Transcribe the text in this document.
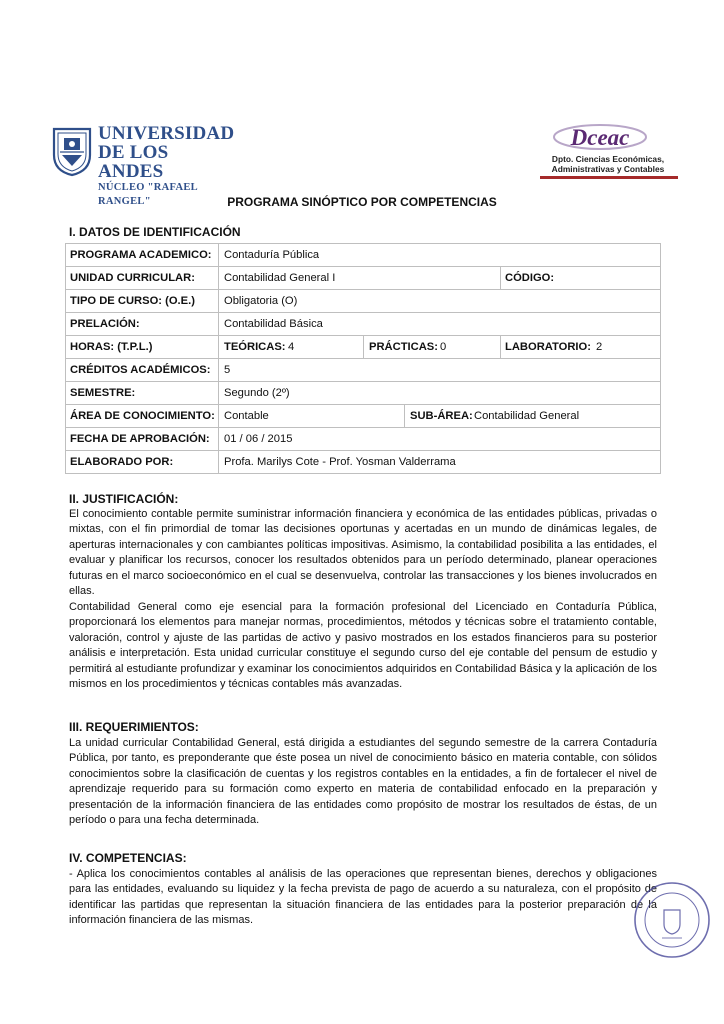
UNIVERSIDAD
DE LOS ANDES
NÚCLEO "RAFAEL RANGEL"
Dceac
Dpto. Ciencias Económicas,
Administrativas y Contables
PROGRAMA SINÓPTICO POR COMPETENCIAS
I. DATOS DE IDENTIFICACIÓN
PROGRAMA ACADEMICO: Contaduría Pública
UNIDAD CURRICULAR:	Contabilidad General I	CÓDIGO:
TIPO DE CURSO: (O.E.)	Obligatoria (O)
PRELACIÓN:	Contabilidad Básica
HORAS: (T.P.L.)	TEÓRICAS: 4	PRÁCTICAS: 0	LABORATORIO: 2
CRÉDITOS ACADÉMICOS: 5
SEMESTRE:	Segundo (2º)
ÁREA DE CONOCIMIENTO: Contable	SUB-ÁREA: Contabilidad General
FECHA DE APROBACIÓN: 01 / 06 / 2015
ELABORADO POR:	Profa. Marilys Cote - Prof. Yosman Valderrama
II. JUSTIFICACIÓN:
El conocimiento contable permite suministrar información financiera y económica de las entidades públicas, privadas o mixtas, con el fin primordial de tomar las decisiones oportunas y acertadas en un mundo de dinámicas legales, de aperturas internacionales y con cambiantes políticas impositivas. Asimismo, la contabilidad posibilita a las entidades, el evaluar y planificar los recursos, conocer los resultados obtenidos para un período determinado, planear operaciones futuras en el marco socioeconómico en el cual se desenvuelva, controlar las transacciones y los bienes involucrados en ellas.
Contabilidad General como eje esencial para la formación profesional del Licenciado en Contaduría Pública, proporcionará los elementos para manejar normas, procedimientos, métodos y técnicas sobre el tratamiento contable, valoración, control y ajuste de las partidas de activo y pasivo mostrados en los estados financieros para su posterior análisis e interpretación. Esta unidad curricular constituye el segundo curso del eje contable del pensum de estudio y permitirá al estudiante profundizar y examinar los conocimientos adquiridos en Contabilidad Básica y la aplicación de los mismos en los procedimientos y técnicas contables más avanzadas.
III. REQUERIMIENTOS:
La unidad curricular Contabilidad General, está dirigida a estudiantes del segundo semestre de la carrera Contaduría Pública, por tanto, es preponderante que éste posea un nivel de conocimiento básico en materia contable, con sólidos conocimientos sobre la clasificación de cuentas y los registros contables en la entidades, a fin de fortalecer el nivel de aprendizaje requerido para su formación como experto en materia de contabilidad enfocado en la preparación y presentación de la información financiera de las entidades como propósito de mostrar los resultados de éstas, de un período o para una fecha determinada.
IV. COMPETENCIAS:
- Aplica los conocimientos contables al análisis de las operaciones que representan bienes, derechos y obligaciones para las entidades, evaluando su liquidez y la fecha prevista de pago de acuerdo a su naturaleza, con el propósito de identificar las partidas que representan la situación financiera de las entidades para la posterior preparación de la información financiera de las mismas.
